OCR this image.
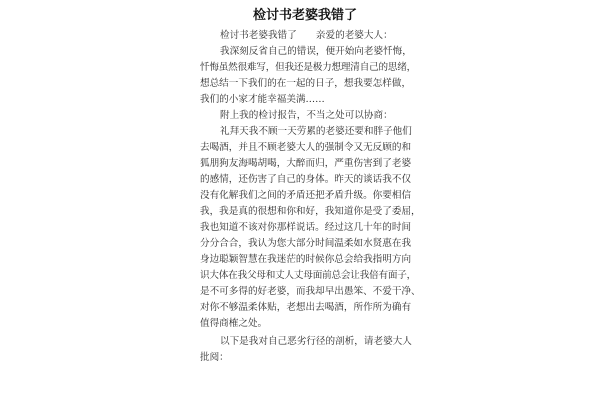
检讨书老婆我错了
检讨书老婆我错了　　亲爱的老婆大人：
我深刻反省自己的错误，便开始向老婆忏悔，
忏悔虽然很难写，但我还是极力想理清自己的思绪，
想总结一下我们的在一起的日子，想我要怎样做，
我们的小家才能幸福美满……
附上我的检讨报告，不当之处可以协商：
礼拜天我不顾一天劳累的老婆还要和胖子他们
去喝酒，并且不顾老婆大人的强制令又无反顾的和
狐朋狗友海喝胡喝，大醉而归，严重伤害到了老婆
的感情，还伤害了自己的身体。昨天的谈话我不仅
没有化解我们之间的矛盾还把矛盾升级。你要相信
我，我是真的很想和你和好，我知道你是受了委屈，
我也知道不该对你那样说话。经过这几十年的时间
分分合合，我认为您大部分时间温柔如水贤惠在我
身边聪颖智慧在我迷茫的时候你总会给我指明方向
识大体在我父母和丈人丈母面前总会让我倍有面子，
是不可多得的好老婆，而我却早出愚笨、不爱干净、
对你不够温柔体贴，老想出去喝酒，所作所为确有
值得商榷之处。
以下是我对自己恶劣行径的剖析，请老婆大人
批阅：
